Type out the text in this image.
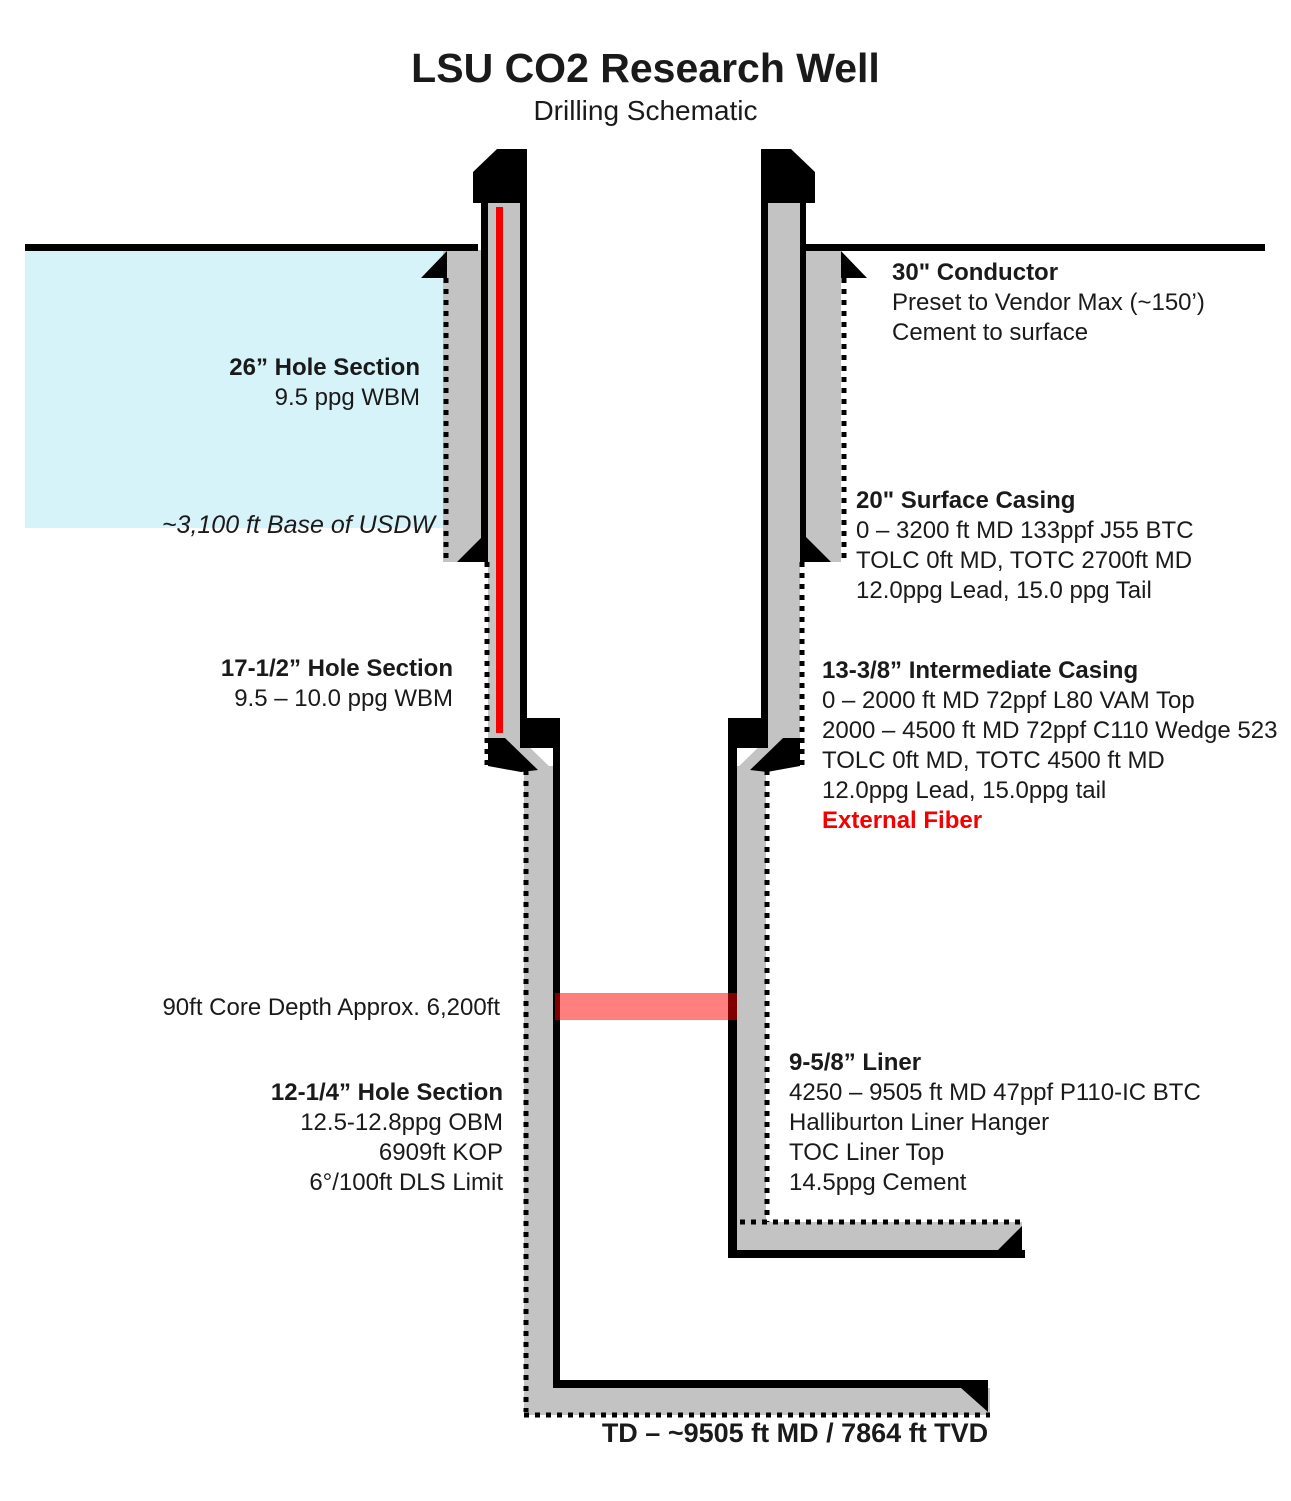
LSU CO2 Research Well
Drilling Schematic
30" Conductor
Preset to Vendor Max (~150’)
Cement to surface
26” Hole Section
9.5 ppg WBM
~3,100 ft Base of USDW
20" Surface Casing
0 – 3200 ft MD 133ppf J55 BTC
TOLC 0ft MD, TOTC 2700ft MD
12.0ppg Lead, 15.0 ppg Tail
17-1/2” Hole Section
9.5 – 10.0 ppg WBM
13-3/8” Intermediate Casing
0 – 2000 ft MD 72ppf L80 VAM Top
2000 – 4500 ft MD 72ppf C110 Wedge 523
TOLC 0ft MD, TOTC 4500 ft MD
12.0ppg Lead, 15.0ppg tail
External Fiber
90ft Core Depth Approx. 6,200ft
12-1/4” Hole Section
12.5-12.8ppg OBM
6909ft KOP
6°/100ft DLS Limit
9-5/8” Liner
4250 – 9505 ft MD 47ppf P110-IC BTC
Halliburton Liner Hanger
TOC Liner Top
14.5ppg Cement
TD – ~9505 ft MD / 7864 ft TVD
